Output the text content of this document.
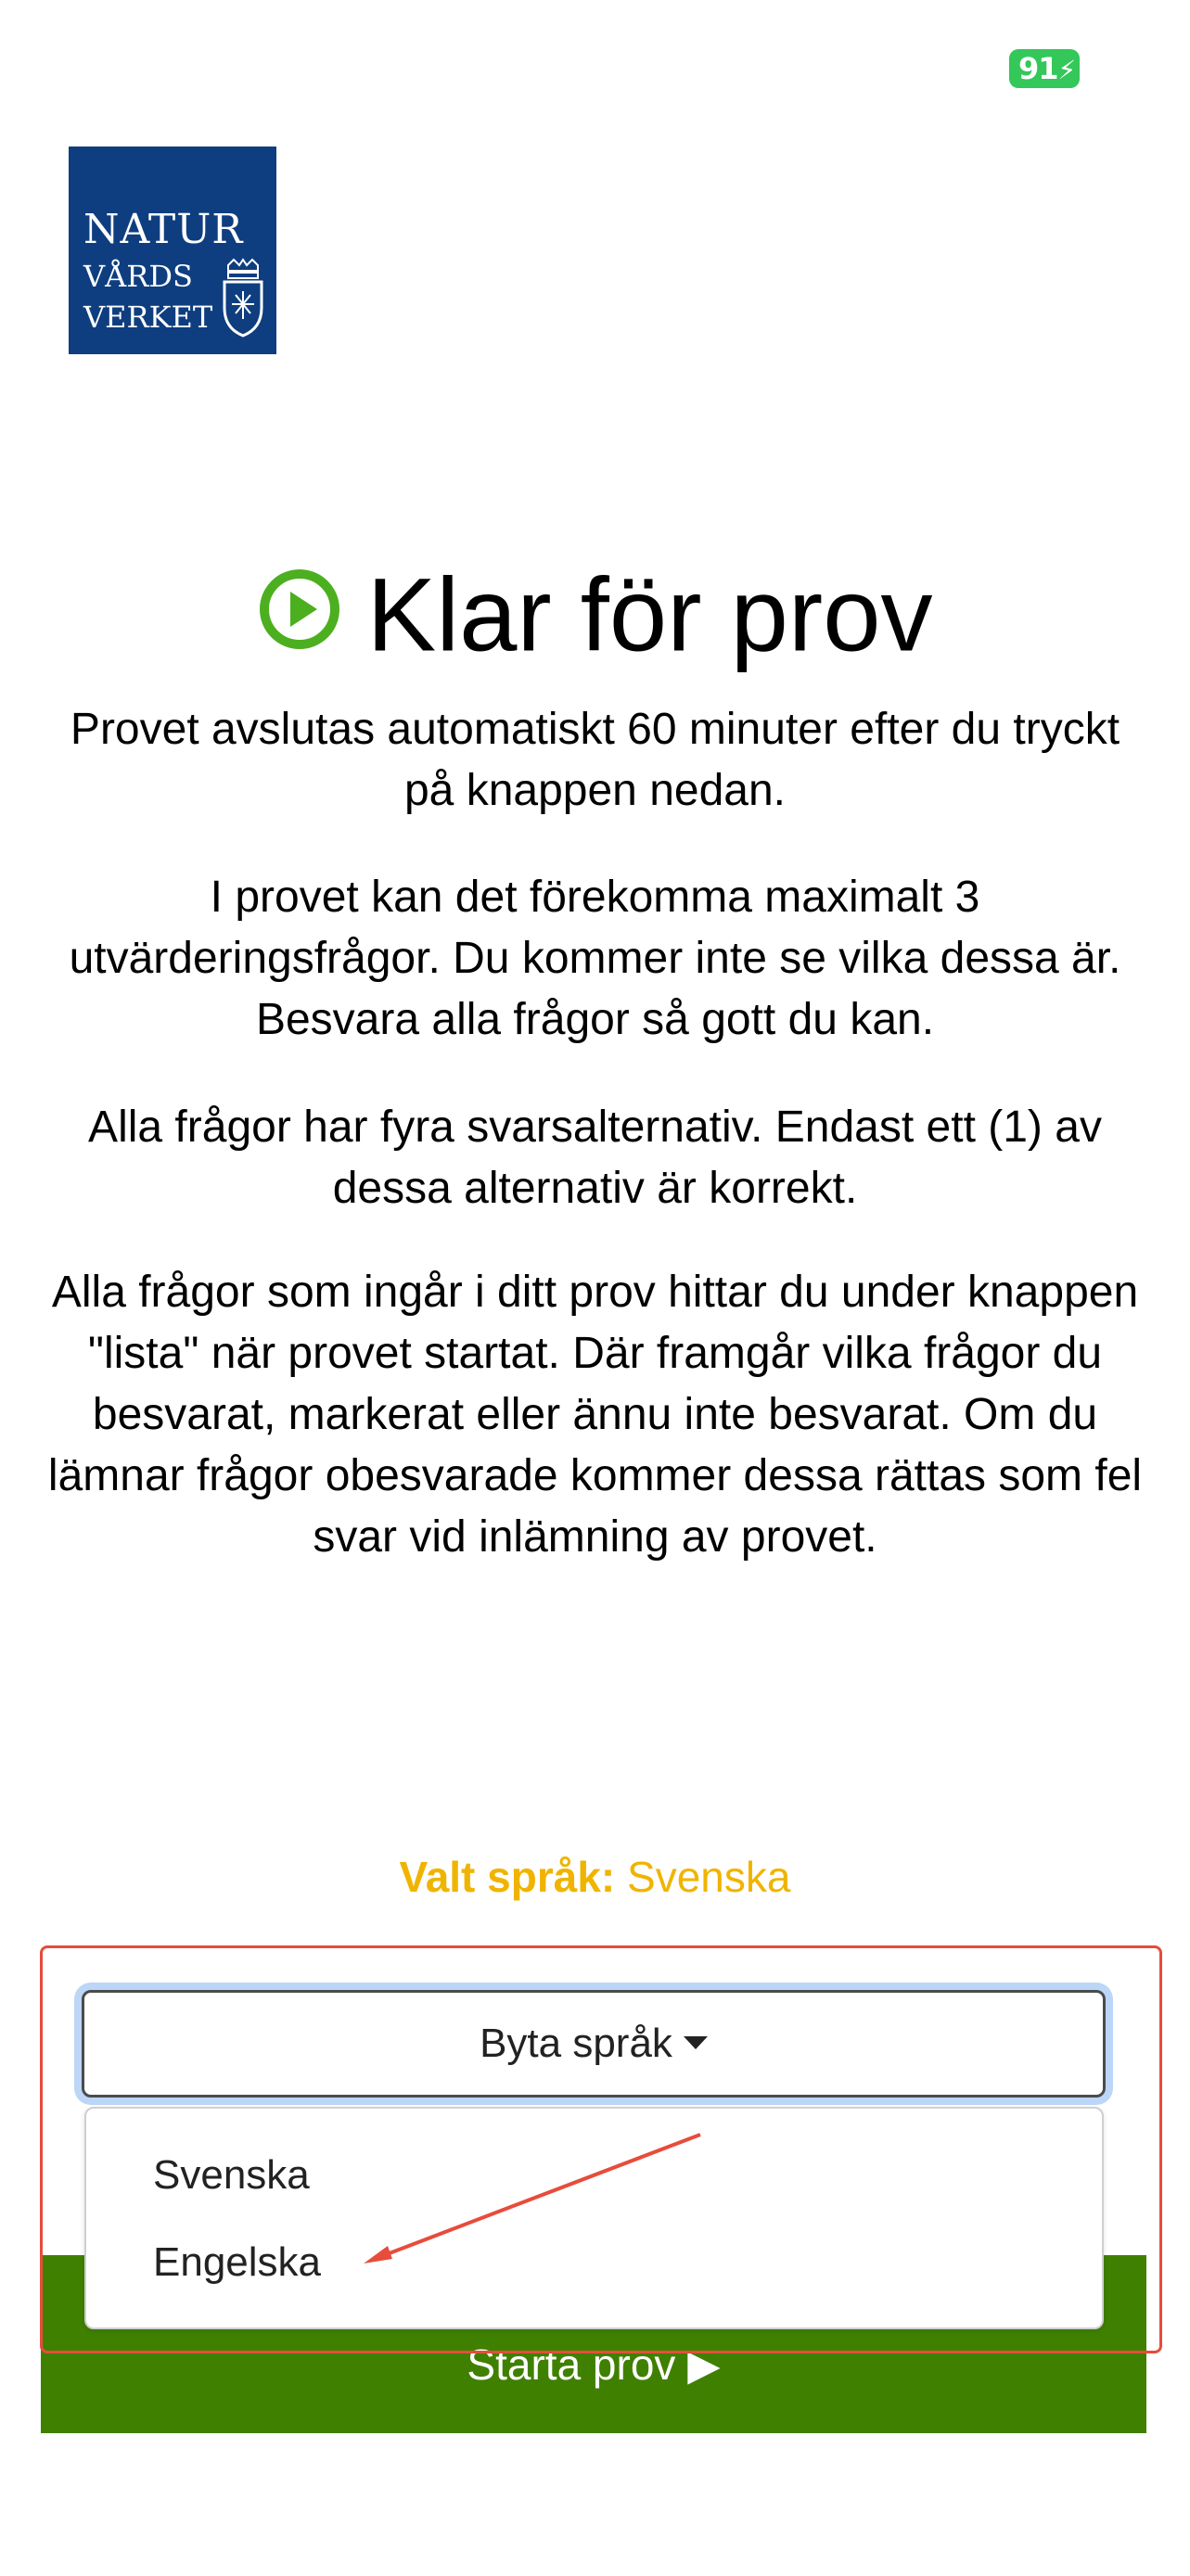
91⚡
NATUR
VÅRDS
VERKET
Klar för prov
Provet avslutas automatiskt 60 minuter efter du tryckt på knappen nedan.
I provet kan det förekomma maximalt 3 utvärderingsfrågor. Du kommer inte se vilka dessa är. Besvara alla frågor så gott du kan.
Alla frågor har fyra svarsalternativ. Endast ett (1) av dessa alternativ är korrekt.
Alla frågor som ingår i ditt prov hittar du under knappen "lista" när provet startat. Där framgår vilka frågor du besvarat, markerat eller ännu inte besvarat. Om du lämnar frågor obesvarade kommer dessa rättas som fel svar vid inlämning av provet.
Valt språk: Svenska
Starta prov ▶
Byta språk
Svenska
Engelska
